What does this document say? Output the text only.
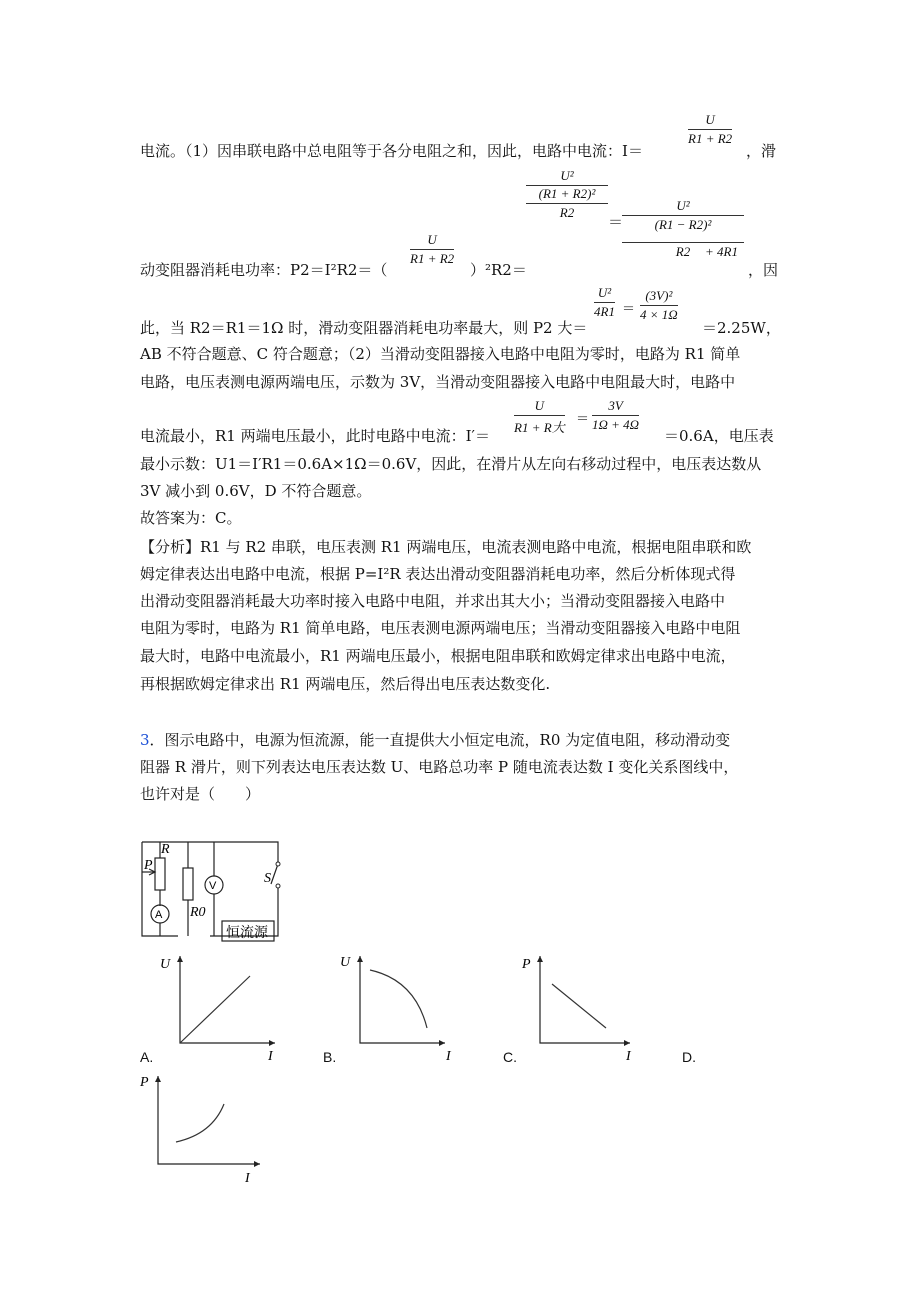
电流。（1）因串联电路中总电阻等于各分电阻之和，因此，电路中电流：I＝
$\frac{U}{R1 + R2}$
，滑
动变阻器消耗电功率：P2＝I²R2＝（
$\frac{U}{R1 + R2}$
）²R2＝
U²
(R1 + R2)²
R2
＝
$\frac{\text{U²}}{\text{(R1 − R2)²}}$
R2	+ 4R1
，因
此，当 R2＝R1＝1Ω 时，滑动变阻器消耗电功率最大，则 P2 大＝
$\frac{\text{U²}}{4R1} = \frac{\text{(3V)²}}{4 \times 1\Omega}$
＝2.25W，
AB 不符合题意、C 符合题意；（2）当滑动变阻器接入电路中电阻为零时，电路为 R1 简单
电路，电压表测电源两端电压，示数为 3V，当滑动变阻器接入电路中电阻最大时，电路中
电流最小，R1 两端电压最小，此时电路中电流：I′＝
U
R1 + R大
＝ $\frac{3V}{1\Omega + 4\Omega}$
＝0.6A，电压表
最小示数：U1＝I′R1＝0.6A×1Ω＝0.6V，因此，在滑片从左向右移动过程中，电压表达数从
3V 减小到 0.6V，D 不符合题意。
故答案为：C。
【分析】R1 与 R2 串联，电压表测 R1 两端电压，电流表测电路中电流，根据电阻串联和欧
姆定律表达出电路中电流，根据 P=I²R 表达出滑动变阻器消耗电功率，然后分析体现式得
出滑动变阻器消耗最大功率时接入电路中电阻，并求出其大小；当滑动变阻器接入电路中
电阻为零时，电路为 R1 简单电路，电压表测电源两端电压；当滑动变阻器接入电路中电阻
最大时，电路中电流最小，R1 两端电压最小，根据电阻串联和欧姆定律求出电路中电流，
再根据欧姆定律求出 R1 两端电压，然后得出电压表达数变化.
3．图示电路中，电源为恒流源，能一直提供大小恒定电流，R0 为定值电阻，移动滑动变
阻器 R 滑片，则下列表达电压表达数 U、电路总功率 P 随电流表达数 I 变化关系图线中，
也许对是（　　）
R
P
A
V
R0
S
恒流源
U
I
A.
U
I
B.
P
I
C.	D.
P
I
